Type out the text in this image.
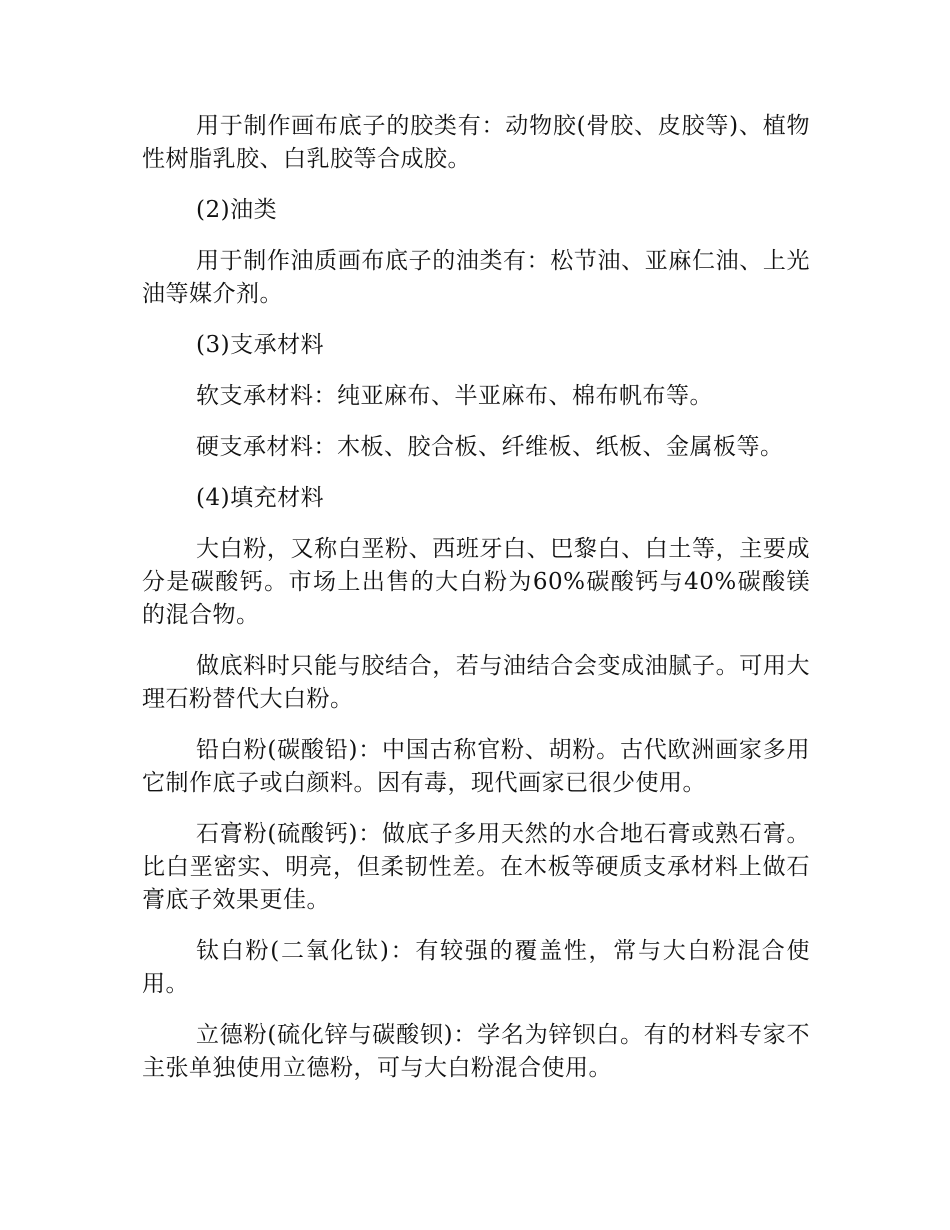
用于制作画布底子的胶类有：动物胶(骨胶、皮胶等)、植物性树脂乳胶、白乳胶等合成胶。

(2)油类

用于制作油质画布底子的油类有：松节油、亚麻仁油、上光油等媒介剂。

(3)支承材料

软支承材料：纯亚麻布、半亚麻布、棉布帆布等。

硬支承材料：木板、胶合板、纤维板、纸板、金属板等。

(4)填充材料

大白粉，又称白垩粉、西班牙白、巴黎白、白土等，主要成分是碳酸钙。市场上出售的大白粉为60%碳酸钙与40%碳酸镁的混合物。

做底料时只能与胶结合，若与油结合会变成油腻子。可用大理石粉替代大白粉。

铅白粉(碳酸铅)：中国古称官粉、胡粉。古代欧洲画家多用它制作底子或白颜料。因有毒，现代画家已很少使用。

石膏粉(硫酸钙)：做底子多用天然的水合地石膏或熟石膏。比白垩密实、明亮，但柔韧性差。在木板等硬质支承材料上做石膏底子效果更佳。

钛白粉(二氧化钛)：有较强的覆盖性，常与大白粉混合使用。

立德粉(硫化锌与碳酸钡)：学名为锌钡白。有的材料专家不主张单独使用立德粉，可与大白粉混合使用。
